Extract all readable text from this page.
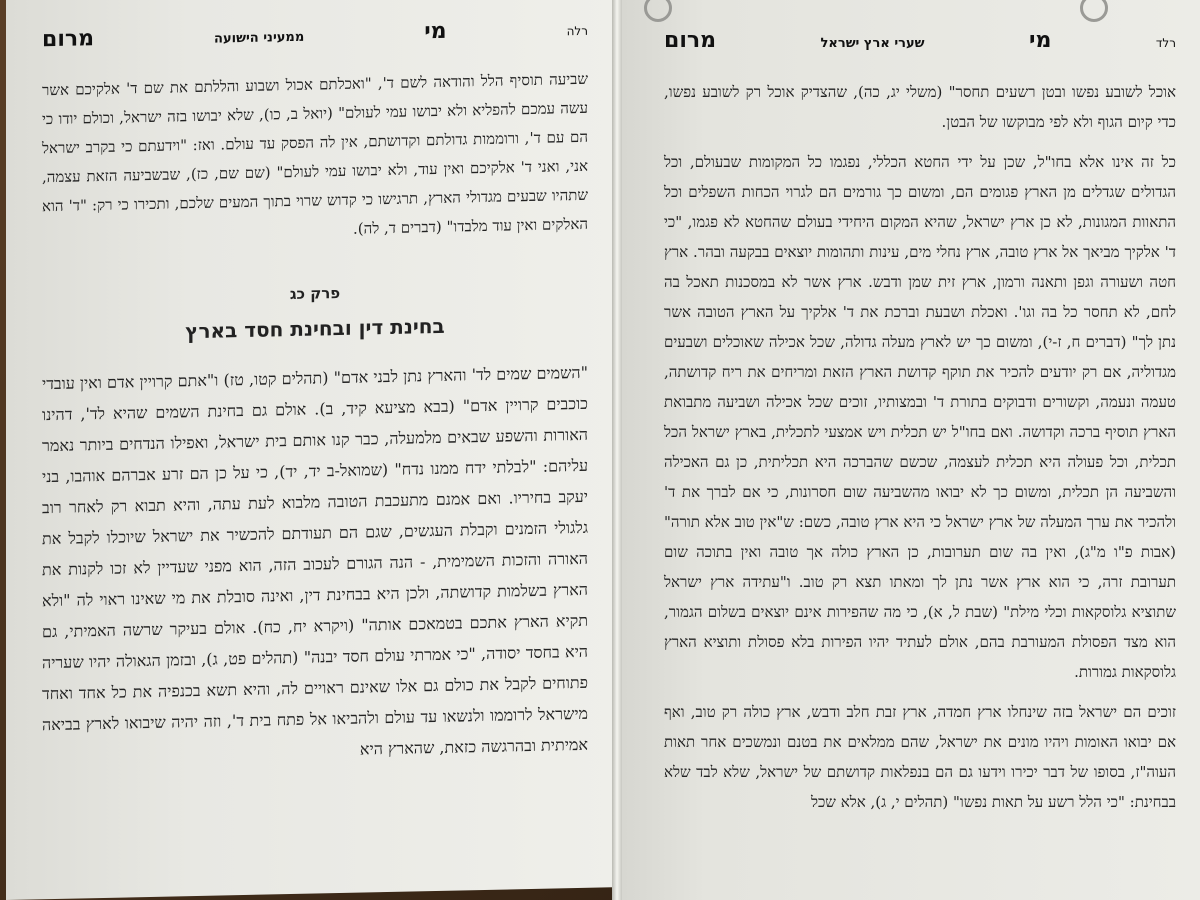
רלד
מי
שערי ארץ ישראל
מרום

אוכל לשובע נפשו ובטן רשעים תחסר" (משלי יג, כה), שהצדיק אוכל רק לשובע נפשו, כדי קיום הגוף ולא לפי מבוקשו של הבטן.

כל זה אינו אלא בחו"ל, שכן על ידי החטא הכללי, נפגמו כל המקומות שבעולם, וכל הגדולים שגדלים מן הארץ פגומים הם, ומשום כך גורמים הם לגרוי הכחות השפלים וכל התאוות המגונות, לא כן ארץ ישראל, שהיא המקום היחידי בעולם שהחטא לא פגמו, "כי ד' אלקיך מביאך אל ארץ טובה, ארץ נחלי מים, עינות ותהומות יוצאים בבקעה ובהר. ארץ חטה ושעורה וגפן ותאנה ורמון, ארץ זית שמן ודבש. ארץ אשר לא במסכנות תאכל בה לחם, לא תחסר כל בה וגו'. ואכלת ושבעת וברכת את ד' אלקיך על הארץ הטובה אשר נתן לך" (דברים ח, ז-י), ומשום כך יש לארץ מעלה גדולה, שכל אכילה שאוכלים ושבעים מגדוליה, אם רק יודעים להכיר את תוקף קדושת הארץ הזאת ומריחים את ריח קדושתה, טעמה ונעמה, וקשורים ודבוקים בתורת ד' ובמצותיו, זוכים שכל אכילה ושביעה מתבואת הארץ תוסיף ברכה וקדושה. ואם בחו"ל יש תכלית ויש אמצעי לתכלית, בארץ ישראל הכל תכלית, וכל פעולה היא תכלית לעצמה, שכשם שהברכה היא תכליתית, כן גם האכילה והשביעה הן תכלית, ומשום כך לא יבואו מהשביעה שום חסרונות, כי אם לברך את ד' ולהכיר את ערך המעלה של ארץ ישראל כי היא ארץ טובה, כשם: ש"אין טוב אלא תורה" (אבות פ"ו מ"ג), ואין בה שום תערובות, כן הארץ כולה אך טובה ואין בתוכה שום תערובת זרה, כי הוא ארץ אשר נתן לך ומאתו תצא רק טוב. ו"עתידה ארץ ישראל שתוציא גלוסקאות וכלי מילת" (שבת ל, א), כי מה שהפירות אינם יוצאים בשלום הגמור, הוא מצד הפסולת המעורבת בהם, אולם לעתיד יהיו הפירות בלא פסולת ותוציא הארץ גלוסקאות גמורות.

זוכים הם ישראל בזה שינחלו ארץ חמדה, ארץ זבת חלב ודבש, ארץ כולה רק טוב, ואף אם יבואו האומות ויהיו מונים את ישראל, שהם ממלאים את בטנם ונמשכים אחר תאות העוה"ז, בסופו של דבר יכירו וידעו גם הם בנפלאות קדושתם של ישראל, שלא לבד שלא בבחינת: "כי הלל רשע על תאות נפשו" (תהלים י, ג), אלא שכל

רלה
מי
ממעיני הישועה
מרום

שביעה תוסיף הלל והודאה לשם ד', "ואכלתם אכול ושבוע והללתם את שם ד' אלקיכם אשר עשה עמכם להפליא ולא יבושו עמי לעולם" (יואל ב, כו), שלא יבושו בזה ישראל, וכולם יודו כי הם עם ד', ורוממות גדולתם וקדושתם, אין לה הפסק עד עולם. ואז: "וידעתם כי בקרב ישראל אני, ואני ד' אלקיכם ואין עוד, ולא יבושו עמי לעולם" (שם שם, כז), שבשביעה הזאת עצמה, שתהיו שבעים מגדולי הארץ, תרגישו כי קדוש שרוי בתוך המעים שלכם, ותכירו כי רק: "ד' הוא האלקים ואין עוד מלבדו" (דברים ד, לה).

פרק כג
בחינת דין ובחינת חסד בארץ

"השמים שמים לד' והארץ נתן לבני אדם" (תהלים קטו, טז) ו"אתם קרויין אדם ואין עובדי כוכבים קרויין אדם" (בבא מציעא קיד, ב). אולם גם בחינת השמים שהיא לד', דהינו האורות והשפע שבאים מלמעלה, כבר קנו אותם בית ישראל, ואפילו הנדחים ביותר נאמר עליהם: "לבלתי ידח ממנו נדח" (שמואל-ב יד, יד), כי על כן הם זרע אברהם אוהבו, בני יעקב בחיריו. ואם אמנם מתעכבת הטובה מלבוא לעת עתה, והיא תבוא רק לאחר רוב גלגולי הזמנים וקבלת העגשים, שגם הם תעודתם להכשיר את ישראל שיוכלו לקבל את האורה והזכות השמימית, - הנה הגורם לעכוב הזה, הוא מפני שעדיין לא זכו לקנות את הארץ בשלמות קדושתה, ולכן היא בבחינת דין, ואינה סובלת את מי שאינו ראוי לה "ולא תקיא הארץ אתכם בטמאכם אותה" (ויקרא יח, כח). אולם בעיקר שרשה האמיתי, גם היא בחסד יסודה, "כי אמרתי עולם חסד יבנה" (תהלים פט, ג), ובזמן הגאולה יהיו שעריה פתוחים לקבל את כולם גם אלו שאינם ראויים לה, והיא תשא בכנפיה את כל אחד ואחד מישראל לרוממו ולנשאו עד עולם ולהביאו אל פתח בית ד', וזה יהיה שיבואו לארץ בביאה אמיתית ובהרגשה כזאת, שהארץ היא
